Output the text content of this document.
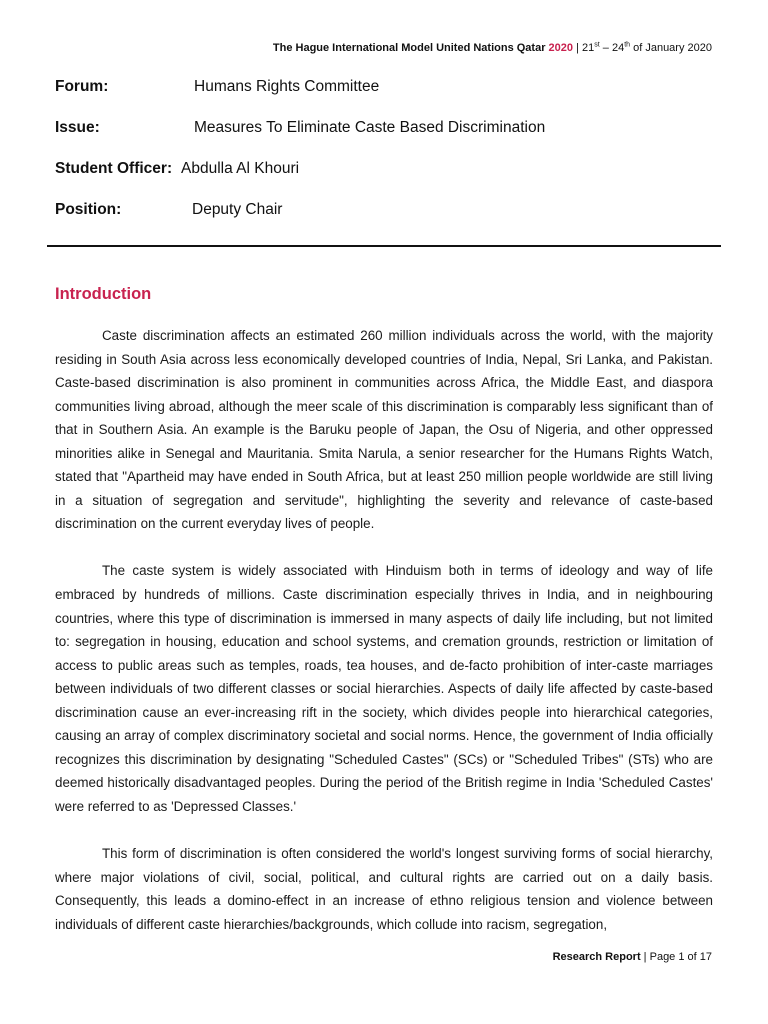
The Hague International Model United Nations Qatar 2020 | 21st – 24th of January 2020
Forum:	Humans Rights Committee
Issue:	Measures To Eliminate Caste Based Discrimination
Student Officer: Abdulla Al Khouri
Position:	Deputy Chair
Introduction

Caste discrimination affects an estimated 260 million individuals across the world, with the majority residing in South Asia across less economically developed countries of India, Nepal, Sri Lanka, and Pakistan. Caste-based discrimination is also prominent in communities across Africa, the Middle East, and diaspora communities living abroad, although the meer scale of this discrimination is comparably less significant than of that in Southern Asia. An example is the Baruku people of Japan, the Osu of Nigeria, and other oppressed minorities alike in Senegal and Mauritania. Smita Narula, a senior researcher for the Humans Rights Watch, stated that "Apartheid may have ended in South Africa, but at least 250 million people worldwide are still living in a situation of segregation and servitude", highlighting the severity and relevance of caste-based discrimination on the current everyday lives of people.

The caste system is widely associated with Hinduism both in terms of ideology and way of life embraced by hundreds of millions. Caste discrimination especially thrives in India, and in neighbouring countries, where this type of discrimination is immersed in many aspects of daily life including, but not limited to: segregation in housing, education and school systems, and cremation grounds, restriction or limitation of access to public areas such as temples, roads, tea houses, and de-facto prohibition of inter-caste marriages between individuals of two different classes or social hierarchies. Aspects of daily life affected by caste-based discrimination cause an ever-increasing rift in the society, which divides people into hierarchical categories, causing an array of complex discriminatory societal and social norms. Hence, the government of India officially recognizes this discrimination by designating "Scheduled Castes" (SCs) or "Scheduled Tribes" (STs) who are deemed historically disadvantaged peoples. During the period of the British regime in India 'Scheduled Castes' were referred to as 'Depressed Classes.'

This form of discrimination is often considered the world's longest surviving forms of social hierarchy, where major violations of civil, social, political, and cultural rights are carried out on a daily basis. Consequently, this leads a domino-effect in an increase of ethno religious tension and violence between individuals of different caste hierarchies/backgrounds, which collude into racism, segregation,

Research Report | Page 1 of 17
